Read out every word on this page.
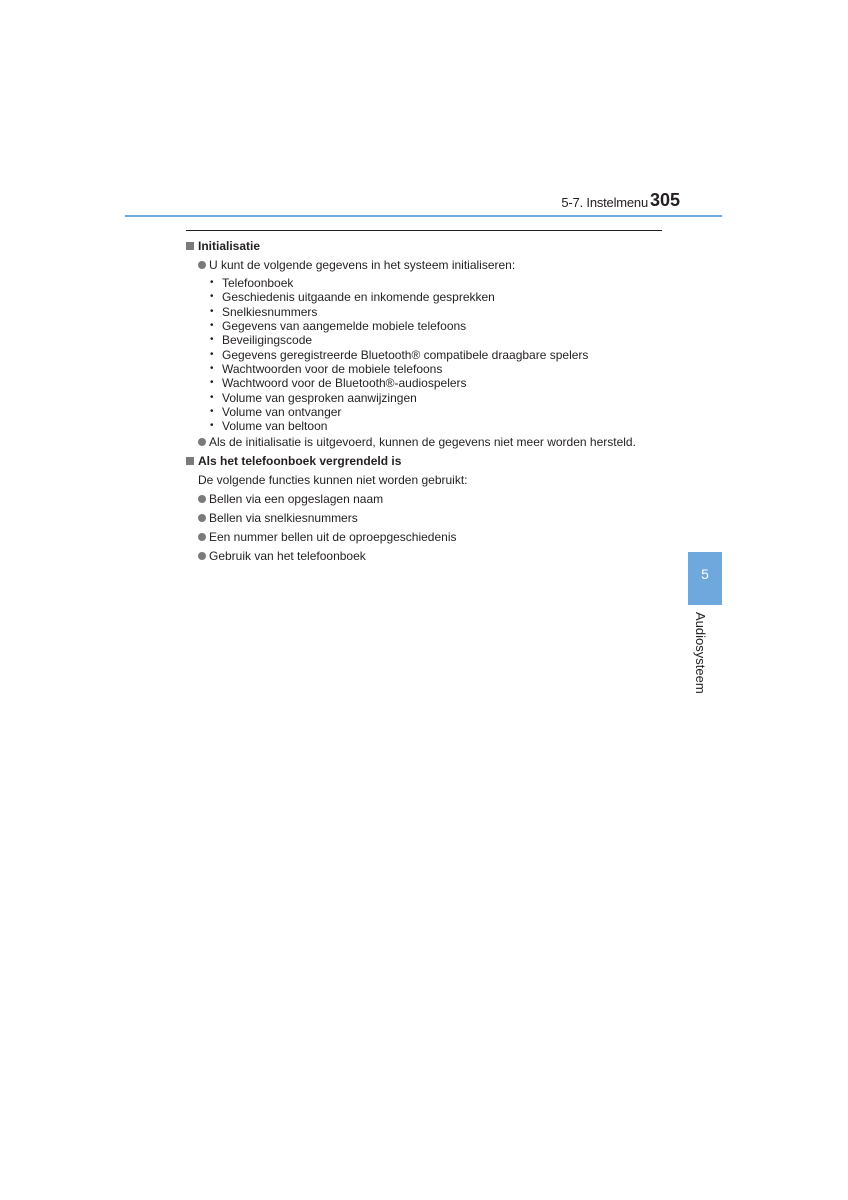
5-7. Instelmenu 305
Initialisatie
U kunt de volgende gegevens in het systeem initialiseren:
• Telefoonboek
• Geschiedenis uitgaande en inkomende gesprekken
• Snelkiesnummers
• Gegevens van aangemelde mobiele telefoons
• Beveiligingscode
• Gegevens geregistreerde Bluetooth® compatibele draagbare spelers
• Wachtwoorden voor de mobiele telefoons
• Wachtwoord voor de Bluetooth®-audiospelers
• Volume van gesproken aanwijzingen
• Volume van ontvanger
• Volume van beltoon
Als de initialisatie is uitgevoerd, kunnen de gegevens niet meer worden hersteld.
Als het telefoonboek vergrendeld is
De volgende functies kunnen niet worden gebruikt:
Bellen via een opgeslagen naam
Bellen via snelkiesnummers
Een nummer bellen uit de oproepgeschiedenis
Gebruik van het telefoonboek
5
Audiosysteem
